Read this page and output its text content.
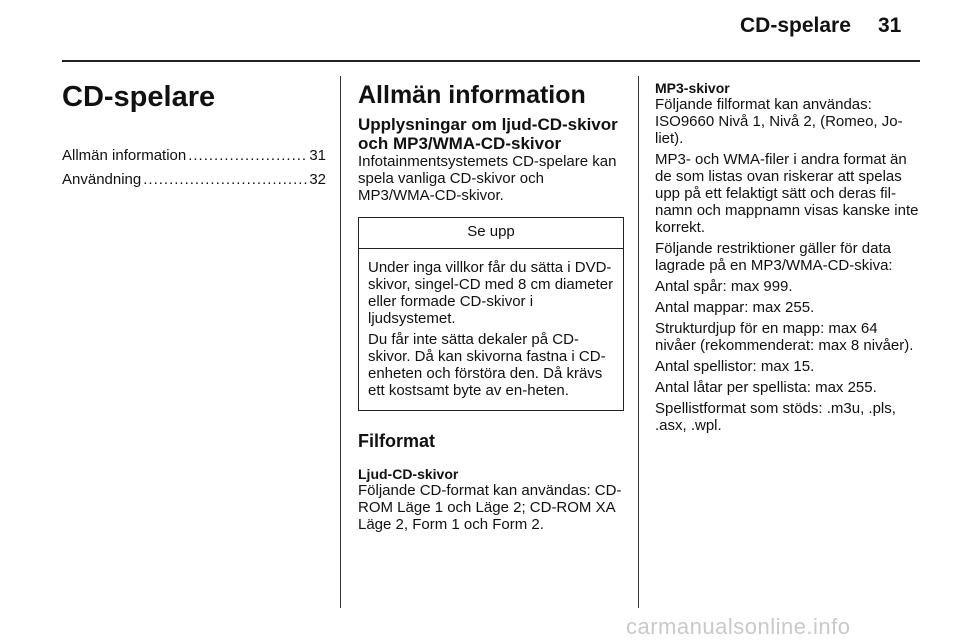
CD-spelare 31
CD-spelare
Allmän information .....	31
Användning .....	32
Allmän information
Upplysningar om ljud-CD-skivor och MP3/WMA-CD-skivor

Infotainmentsystemets CD-spelare kan spela vanliga CD-skivor och MP3/WMA-CD-skivor.

Se upp

Under inga villkor får du sätta i DVD-skivor, singel-CD med 8 cm diameter eller formade CD-skivor i ljudsystemet.

Du får inte sätta dekaler på CD-skivor. Då kan skivorna fastna i CD-enheten och förstöra den. Då krävs ett kostsamt byte av en-heten.

Filformat
Ljud-CD-skivor

Följande CD-format kan användas: CD-ROM Läge 1 och Läge 2; CD-ROM XA Läge 2, Form 1 och Form 2.

MP3-skivor

Följande filformat kan användas: ISO9660 Nivå 1, Nivå 2, (Romeo, Jo-liet).

MP3- och WMA-filer i andra format än de som listas ovan riskerar att spelas upp på ett felaktigt sätt och deras fil-namn och mappnamn visas kanske inte korrekt.

Följande restriktioner gäller för data lagrade på en MP3/WMA-CD-skiva:

Antal spår: max 999.

Antal mappar: max 255.

Strukturdjup för en mapp: max 64 nivåer (rekommenderat: max 8 nivåer).

Antal spellistor: max 15.

Antal låtar per spellista: max 255.

Spellistformat som stöds: .m3u, .pls, .asx, .wpl.

carmanualsonline.info
